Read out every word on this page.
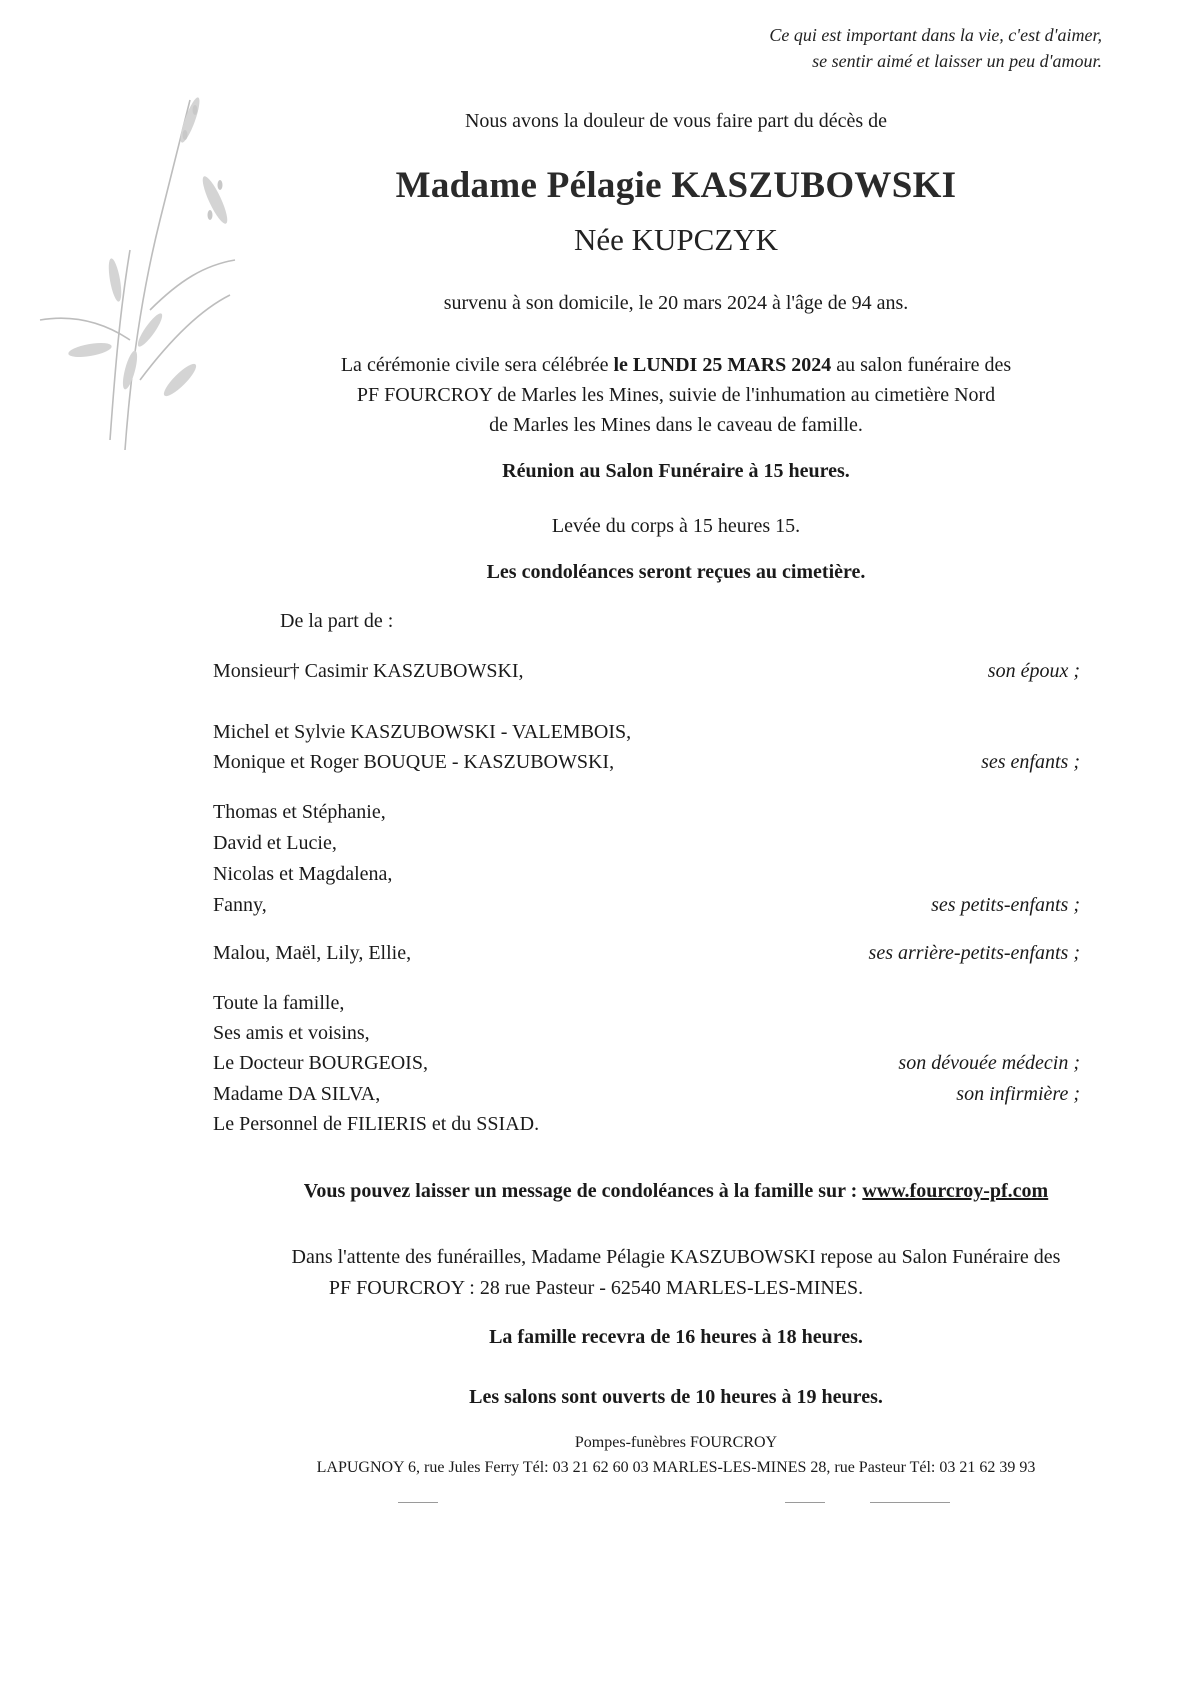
Ce qui est important dans la vie, c'est d'aimer,
se sentir aimé et laisser un peu d'amour.
Nous avons la douleur de vous faire part du décès de
Madame Pélagie KASZUBOWSKI
Née KUPCZYK
survenu à son domicile, le 20 mars 2024 à l'âge de 94 ans.
La cérémonie civile sera célébrée le LUNDI 25 MARS 2024 au salon funéraire des
PF FOURCROY de Marles les Mines, suivie de l'inhumation au cimetière Nord
de Marles les Mines dans le caveau de famille.
Réunion au Salon Funéraire à 15 heures.
Levée du corps à 15 heures 15.
Les condoléances seront reçues au cimetière.
De la part de :
Monsieur† Casimir KASZUBOWSKI,	son époux ;
Michel et Sylvie KASZUBOWSKI - VALEMBOIS,
Monique et Roger BOUQUE - KASZUBOWSKI,	ses enfants ;
Thomas et Stéphanie,
David et Lucie,
Nicolas et Magdalena,
Fanny,	ses petits-enfants ;
Malou, Maël, Lily, Ellie,	ses arrière-petits-enfants ;
Toute la famille,
Ses amis et voisins,
Le Docteur BOURGEOIS,	son dévouée médecin ;
Madame DA SILVA,	son infirmière ;
Le Personnel de FILIERIS et du SSIAD.
Vous pouvez laisser un message de condoléances à la famille sur : www.fourcroy-pf.com
Dans l'attente des funérailles, Madame Pélagie KASZUBOWSKI repose au Salon Funéraire des
PF FOURCROY : 28 rue Pasteur - 62540 MARLES-LES-MINES.
La famille recevra de 16 heures à 18 heures.
Les salons sont ouverts de 10 heures à 19 heures.
Pompes-funèbres FOURCROY
LAPUGNOY 6, rue Jules Ferry Tél: 03 21 62 60 03 MARLES-LES-MINES 28, rue Pasteur Tél: 03 21 62 39 93
